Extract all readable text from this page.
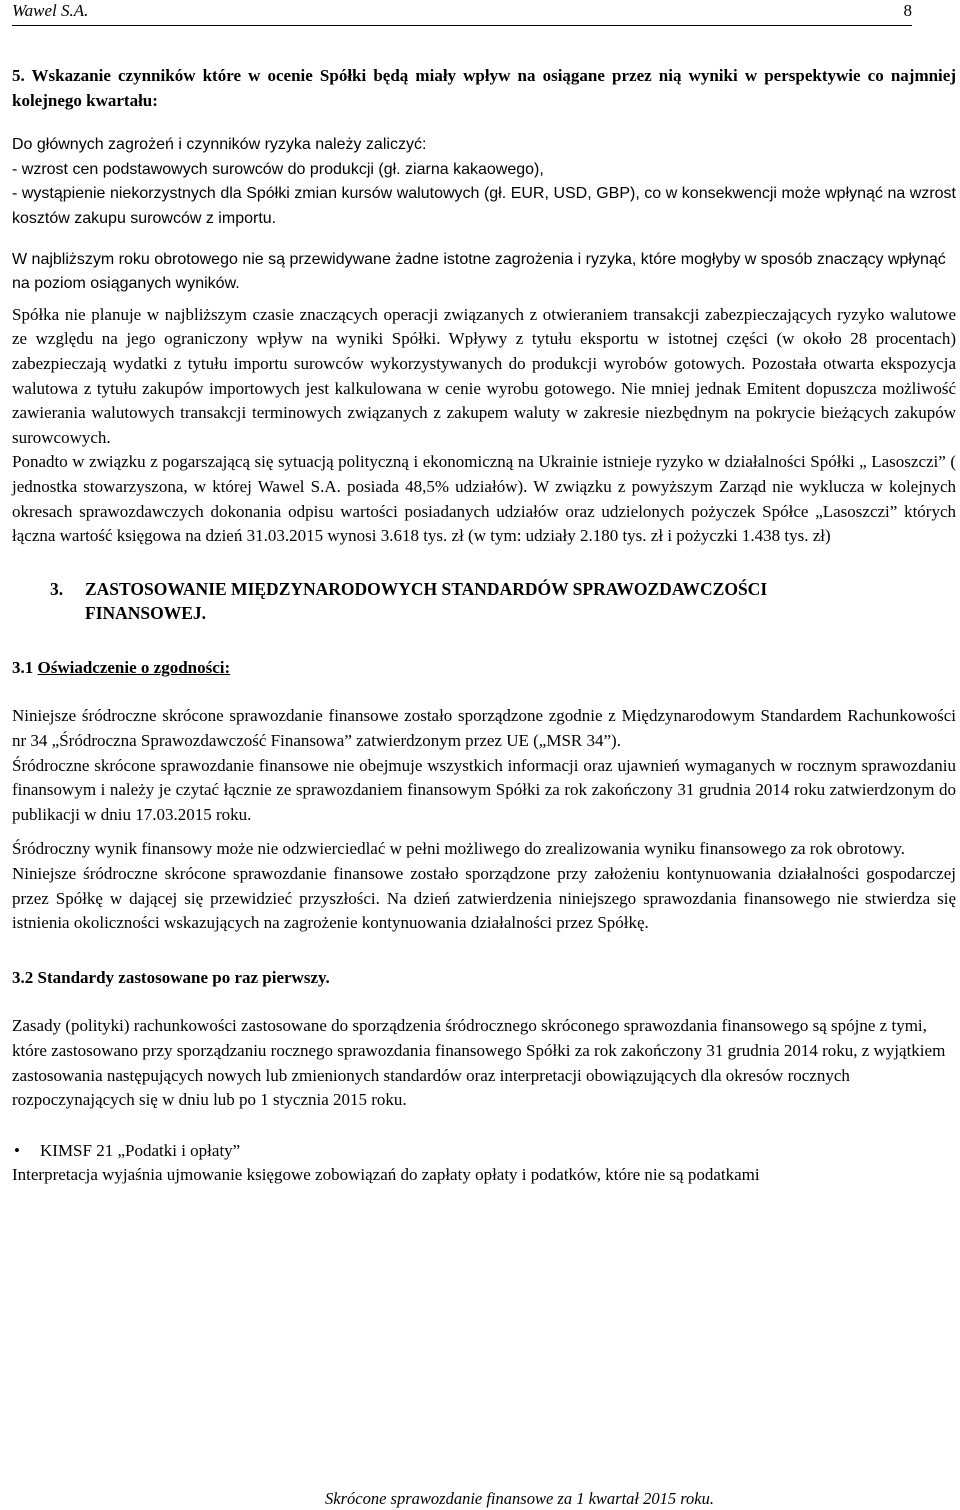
Wawel S.A.	8

5. Wskazanie czynników które w ocenie Spółki będą miały wpływ na osiągane przez nią wyniki w perspektywie co najmniej kolejnego kwartału:

Do głównych zagrożeń i czynników ryzyka należy zaliczyć:

- wzrost cen podstawowych surowców do produkcji (gł. ziarna kakaowego),

- wystąpienie niekorzystnych dla Spółki zmian kursów walutowych (gł. EUR, USD, GBP), co w konsekwencji może wpłynąć na wzrost kosztów zakupu surowców z importu.

W najbliższym roku obrotowego nie są przewidywane żadne istotne zagrożenia i ryzyka, które mogłyby w sposób znaczący wpłynąć na poziom osiąganych wyników.

Spółka nie planuje w najbliższym czasie znaczących operacji związanych z otwieraniem transakcji zabezpieczających ryzyko walutowe ze względu na jego ograniczony wpływ na wyniki Spółki. Wpływy z tytułu eksportu w istotnej części (w około 28 procentach) zabezpieczają wydatki z tytułu importu surowców wykorzystywanych do produkcji wyrobów gotowych. Pozostała otwarta ekspozycja walutowa z tytułu zakupów importowych jest kalkulowana w cenie wyrobu gotowego. Nie mniej jednak Emitent dopuszcza możliwość zawierania walutowych transakcji terminowych związanych z zakupem waluty w zakresie niezbędnym na pokrycie bieżących zakupów surowcowych.

Ponadto w związku z pogarszającą się sytuacją polityczną i ekonomiczną na Ukrainie istnieje ryzyko w działalności Spółki „ Lasoszczi” ( jednostka stowarzyszona, w której Wawel S.A. posiada 48,5% udziałów). W związku z powyższym Zarząd nie wyklucza w kolejnych okresach sprawozdawczych dokonania odpisu wartości posiadanych udziałów oraz udzielonych pożyczek Spółce „Lasoszczi” których łączna wartość księgowa na dzień 31.03.2015 wynosi 3.618 tys. zł (w tym: udziały 2.180 tys. zł i pożyczki 1.438 tys. zł)

3.	ZASTOSOWANIE MIĘDZYNARODOWYCH STANDARDÓW SPRAWOZDAWCZOŚCI
FINANSOWEJ.

3.1 Oświadczenie o zgodności:

Niniejsze śródroczne skrócone sprawozdanie finansowe zostało sporządzone zgodnie z Międzynarodowym Standardem Rachunkowości nr 34 „Śródroczna Sprawozdawczość Finansowa” zatwierdzonym przez UE („MSR 34”).

Śródroczne skrócone sprawozdanie finansowe nie obejmuje wszystkich informacji oraz ujawnień wymaganych w rocznym sprawozdaniu finansowym i należy je czytać łącznie ze sprawozdaniem finansowym Spółki za rok zakończony 31 grudnia 2014 roku zatwierdzonym do publikacji w dniu 17.03.2015 roku.

Śródroczny wynik finansowy może nie odzwierciedlać w pełni możliwego do zrealizowania wyniku finansowego za rok obrotowy.

Niniejsze śródroczne skrócone sprawozdanie finansowe zostało sporządzone przy założeniu kontynuowania działalności gospodarczej przez Spółkę w dającej się przewidzieć przyszłości. Na dzień zatwierdzenia niniejszego sprawozdania finansowego nie stwierdza się istnienia okoliczności wskazujących na zagrożenie kontynuowania działalności przez Spółkę.

3.2 Standardy zastosowane po raz pierwszy.

Zasady (polityki) rachunkowości zastosowane do sporządzenia śródrocznego skróconego sprawozdania finansowego są spójne z tymi, które zastosowano przy sporządzaniu rocznego sprawozdania finansowego Spółki za rok zakończony 31 grudnia 2014 roku, z wyjątkiem zastosowania następujących nowych lub zmienionych standardów oraz interpretacji obowiązujących dla okresów rocznych rozpoczynających się w dniu lub po 1 stycznia 2015 roku.

•	KIMSF 21 „Podatki i opłaty”

Interpretacja wyjaśnia ujmowanie księgowe zobowiązań do zapłaty opłaty i podatków, które nie są podatkami

Skrócone sprawozdanie finansowe za 1 kwartał 2015 roku.
